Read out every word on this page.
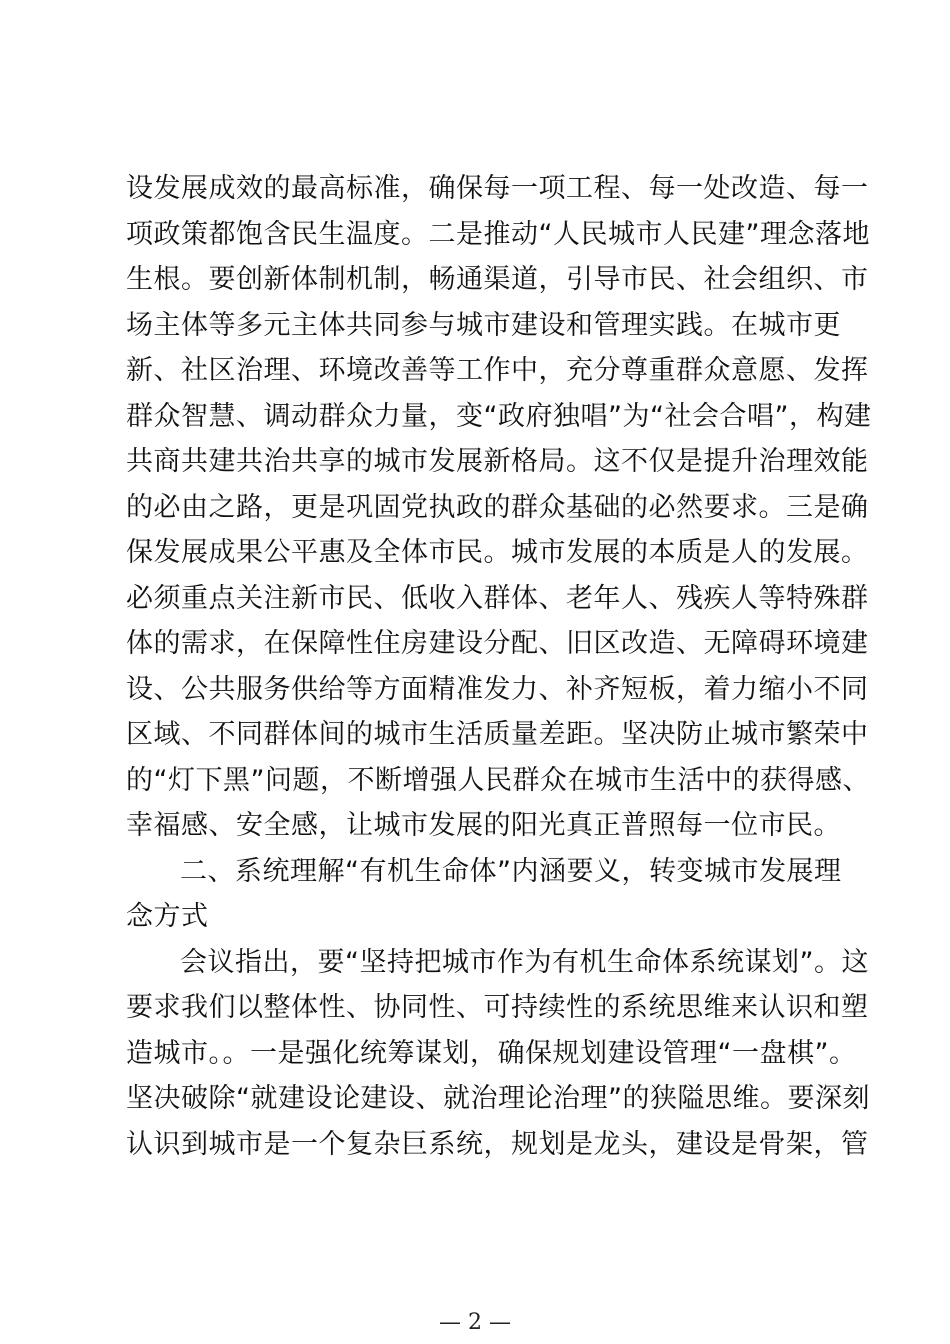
设发展成效的最高标准，确保每一项工程、每一处改造、每一
项政策都饱含民生温度。二是推动“人民城市人民建”理念落地
生根。要创新体制机制，畅通渠道，引导市民、社会组织、市
场主体等多元主体共同参与城市建设和管理实践。在城市更
新、社区治理、环境改善等工作中，充分尊重群众意愿、发挥
群众智慧、调动群众力量，变“政府独唱”为“社会合唱”，构建
共商共建共治共享的城市发展新格局。这不仅是提升治理效能
的必由之路，更是巩固党执政的群众基础的必然要求。三是确
保发展成果公平惠及全体市民。城市发展的本质是人的发展。
必须重点关注新市民、低收入群体、老年人、残疾人等特殊群
体的需求，在保障性住房建设分配、旧区改造、无障碍环境建
设、公共服务供给等方面精准发力、补齐短板，着力缩小不同
区域、不同群体间的城市生活质量差距。坚决防止城市繁荣中
的“灯下黑”问题，不断增强人民群众在城市生活中的获得感、
幸福感、安全感，让城市发展的阳光真正普照每一位市民。
二、系统理解“有机生命体”内涵要义，转变城市发展理
念方式
会议指出，要“坚持把城市作为有机生命体系统谋划”。这
要求我们以整体性、协同性、可持续性的系统思维来认识和塑
造城市。。一是强化统筹谋划，确保规划建设管理“一盘棋”。
坚决破除“就建设论建设、就治理论治理”的狭隘思维。要深刻
认识到城市是一个复杂巨系统，规划是龙头，建设是骨架，管
— 2 —
